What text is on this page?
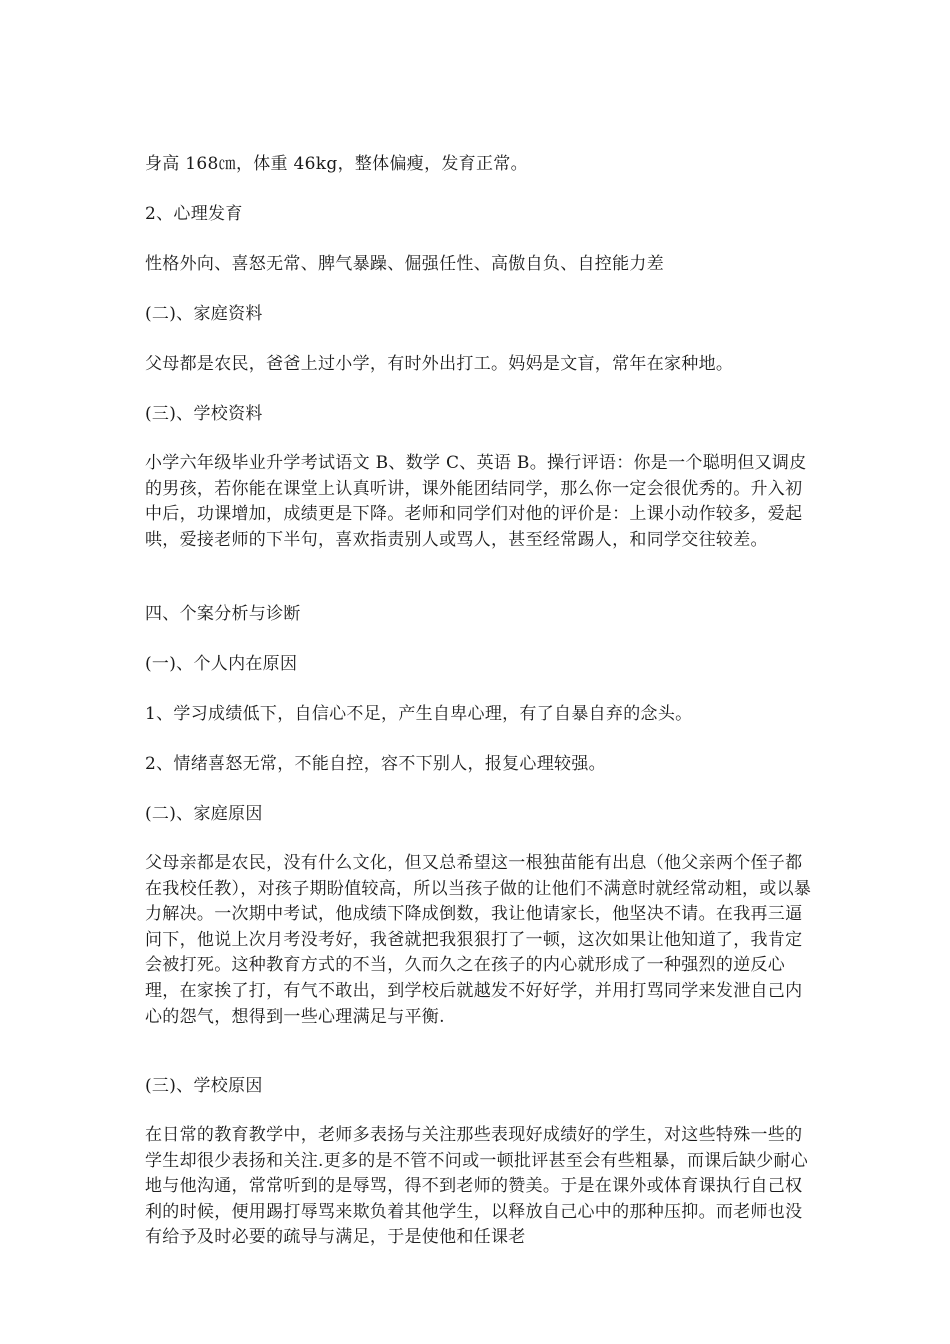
身高 168㎝，体重 46kg，整体偏瘦，发育正常。

2、心理发育

性格外向、喜怒无常、脾气暴躁、倔强任性、高傲自负、自控能力差

(二)、家庭资料

父母都是农民，爸爸上过小学，有时外出打工。妈妈是文盲，常年在家种地。

(三)、学校资料

小学六年级毕业升学考试语文 B、数学 C、英语 B。操行评语：你是一个聪明但又调皮的男孩，若你能在课堂上认真听讲，课外能团结同学，那么你一定会很优秀的。升入初中后，功课增加，成绩更是下降。老师和同学们对他的评价是：上课小动作较多，爱起哄，爱接老师的下半句，喜欢指责别人或骂人，甚至经常踢人，和同学交往较差。

四、个案分析与诊断

(一)、个人内在原因

1、学习成绩低下，自信心不足，产生自卑心理，有了自暴自弃的念头。

2、情绪喜怒无常，不能自控，容不下别人，报复心理较强。

(二)、家庭原因

父母亲都是农民，没有什么文化，但又总希望这一根独苗能有出息（他父亲两个侄子都在我校任教），对孩子期盼值较高，所以当孩子做的让他们不满意时就经常动粗，或以暴力解决。一次期中考试，他成绩下降成倒数，我让他请家长，他坚决不请。在我再三逼问下，他说上次月考没考好，我爸就把我狠狠打了一顿，这次如果让他知道了，我肯定会被打死。这种教育方式的不当，久而久之在孩子的内心就形成了一种强烈的逆反心理，在家挨了打，有气不敢出，到学校后就越发不好好学，并用打骂同学来发泄自己内心的怨气，想得到一些心理满足与平衡.

(三)、学校原因

在日常的教育教学中，老师多表扬与关注那些表现好成绩好的学生，对这些特殊一些的学生却很少表扬和关注.更多的是不管不问或一顿批评甚至会有些粗暴，而课后缺少耐心地与他沟通，常常听到的是辱骂，得不到老师的赞美。于是在课外或体育课执行自己权利的时候，便用踢打辱骂来欺负着其他学生，以释放自己心中的那种压抑。而老师也没有给予及时必要的疏导与满足，于是使他和任课老
